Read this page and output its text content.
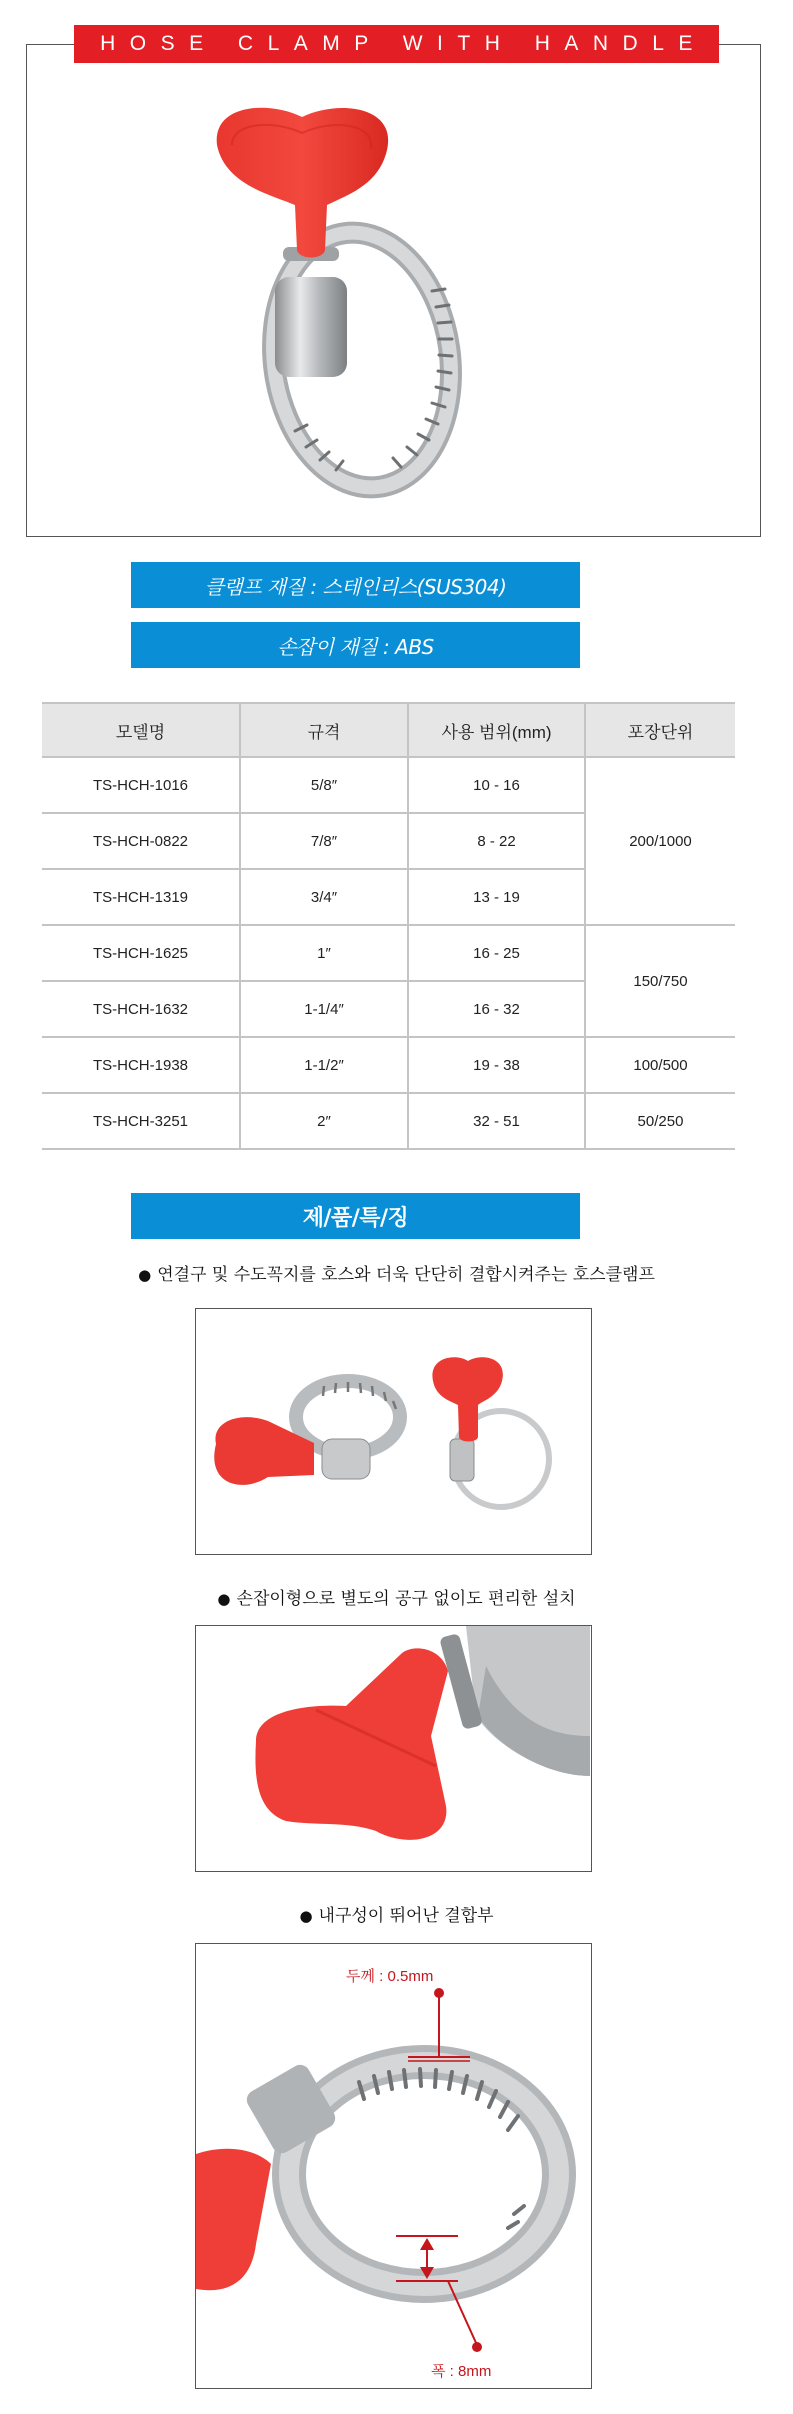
HOSE CLAMP WITH HANDLE
클램프 재질 : 스테인리스(SUS304)
손잡이 재질 : ABS
모델명	규격	사용 범위(mm)	포장단위
TS-HCH-1016	5/8″	10 - 16	200/1000
TS-HCH-0822	7/8″	8 - 22	
TS-HCH-1319	3/4″	13 - 19	
TS-HCH-1625	1″	16 - 25	150/750
TS-HCH-1632	1-1/4″	16 - 32	
TS-HCH-1938	1-1/2″	19 - 38	100/500
TS-HCH-3251	2″	32 - 51	50/250
제/품/특/징
● 연결구 및 수도꼭지를 호스와 더욱 단단히 결합시켜주는 호스클램프
● 손잡이형으로 별도의 공구 없이도 편리한 설치
● 내구성이 뛰어난 결합부
두께 : 0.5mm
폭 : 8mm
